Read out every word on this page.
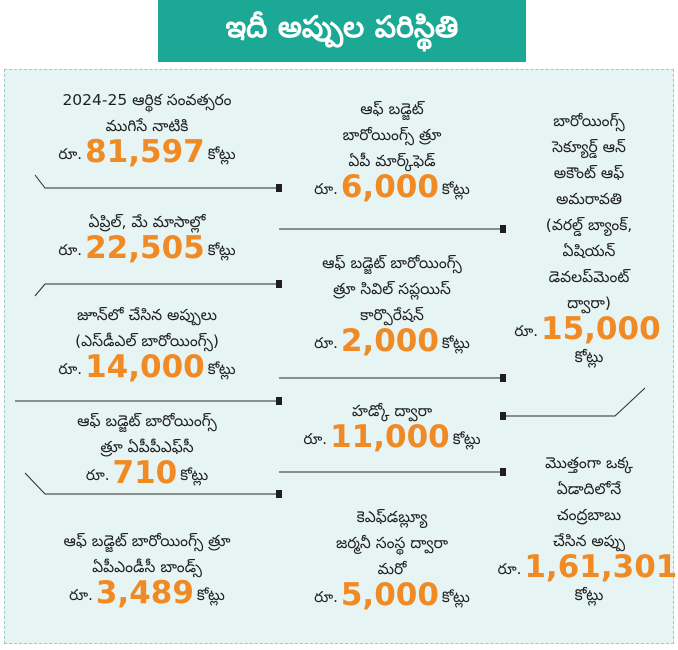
ఇదీ అప్పుల పరిస్థితి
2024-25 ఆర్థిక సంవత్సరం
ముగిసే నాటికి
రూ.81,597 కోట్లు
ఏప్రిల్, మే మాసాల్లో
రూ.22,505 కోట్లు
జూన్‌లో చేసిన అప్పులు
(ఎస్‌డీఎల్ బారోయింగ్స్)
రూ.14,000 కోట్లు
ఆఫ్ బడ్జెట్ బారోయింగ్స్
త్రూ ఏపీపీఎఫ్‌సీ
రూ.710 కోట్లు
ఆఫ్ బడ్జెట్ బారోయింగ్స్ త్రూ
ఏపీఎండీసీ బాండ్స్
రూ.3,489 కోట్లు
ఆఫ్ బడ్జెట్
బారోయింగ్స్ త్రూ
ఏపీ మార్క్‌ఫెడ్
రూ.6,000 కోట్లు
ఆఫ్ బడ్జెట్ బారోయింగ్స్
త్రూ సివిల్ సప్లయిస్
కార్పొరేషన్
రూ.2,000 కోట్లు
హడ్కో ద్వారా
రూ.11,000 కోట్లు
కెఎఫ్‌డబ్ల్యూ
జర్మనీ సంస్థ ద్వారా
మరో
రూ.5,000 కోట్లు
బారోయింగ్స్
సెక్యూర్డ్ ఆన్
అకౌంట్ ఆఫ్
అమరావతి
(వరల్డ్ బ్యాంక్,
ఏషియన్
డెవలప్‌మెంట్
ద్వారా)
రూ.15,000
కోట్లు
మొత్తంగా ఒక్క
ఏడాదిలోనే
చంద్రబాబు
చేసిన అప్పు
రూ.1,61,301
కోట్లు
